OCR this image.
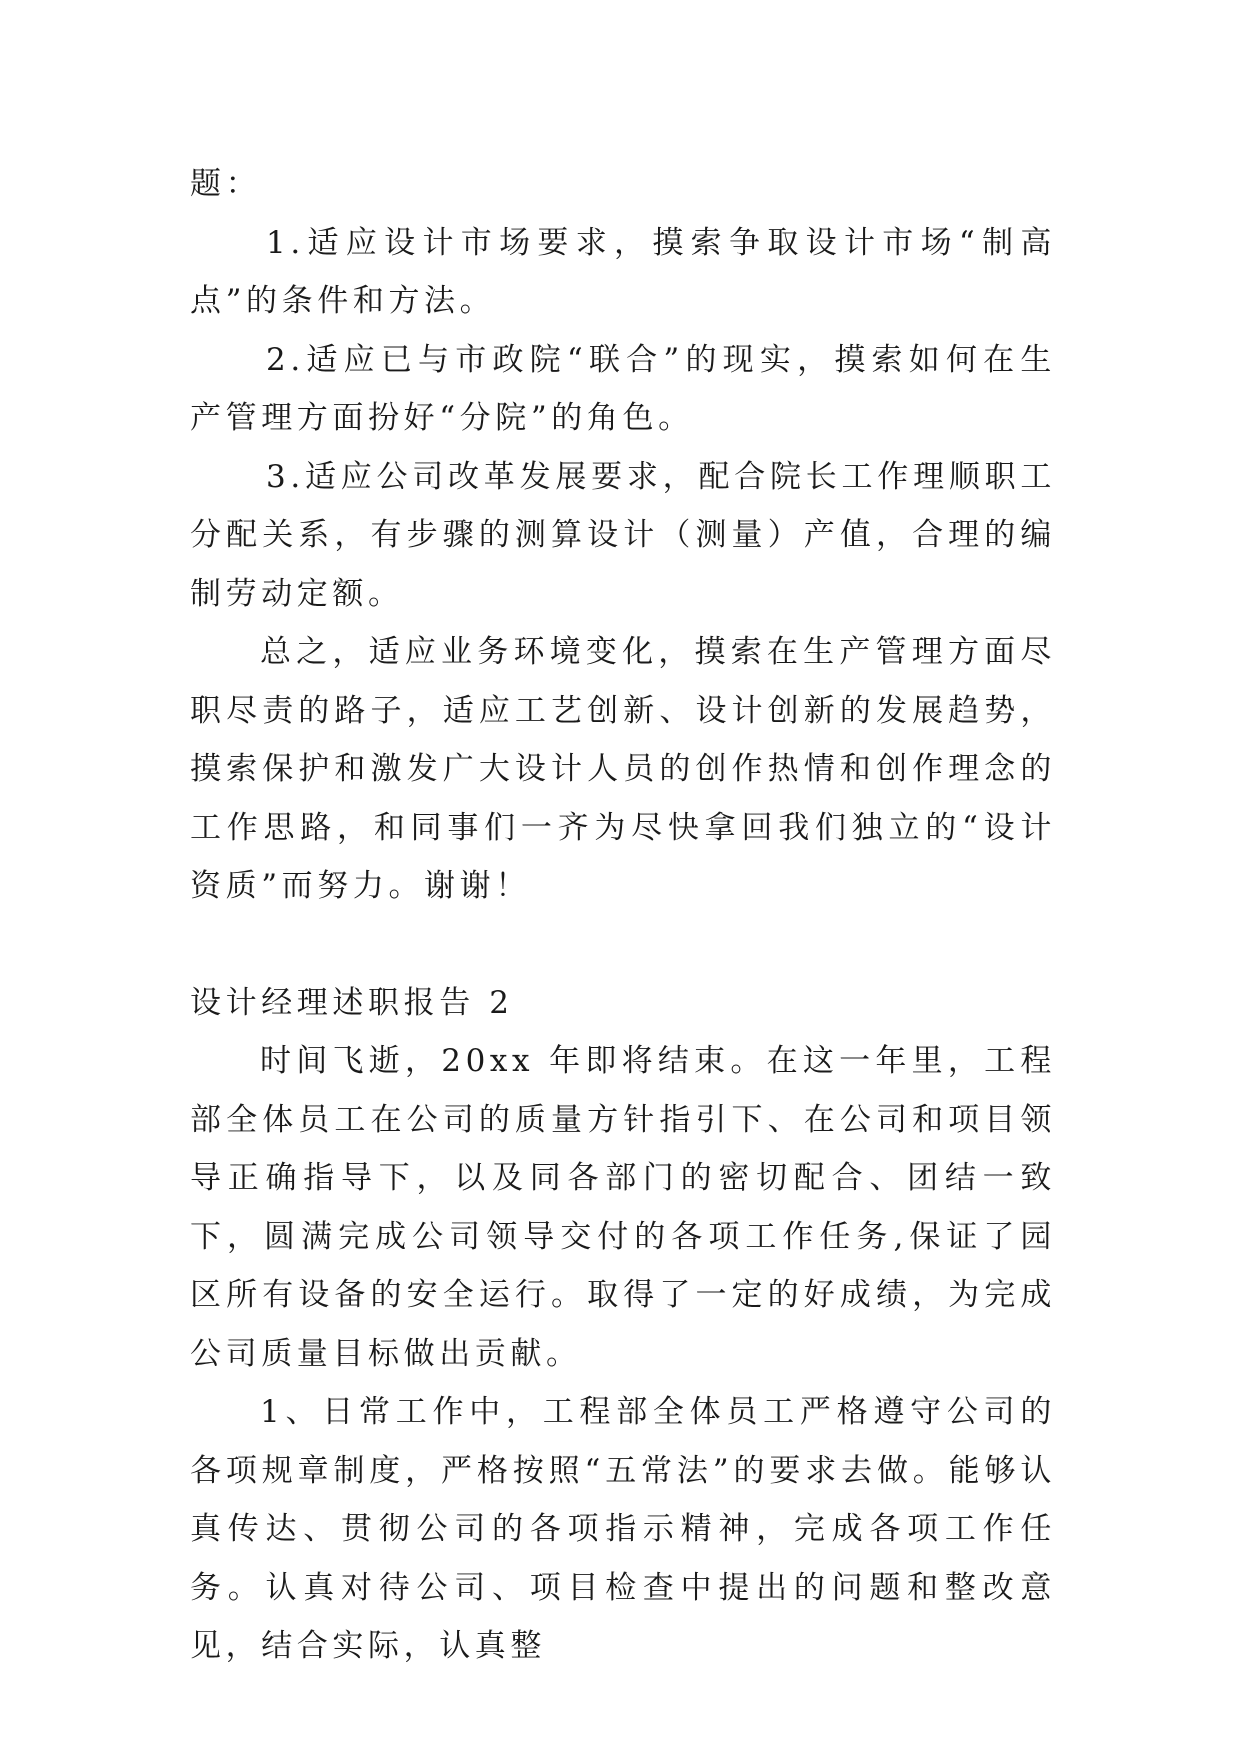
题：

1.适应设计市场要求，摸索争取设计市场“制高点”的条件和方法。

2.适应已与市政院“联合”的现实，摸索如何在生产管理方面扮好“分院”的角色。

3.适应公司改革发展要求，配合院长工作理顺职工分配关系，有步骤的测算设计（测量）产值，合理的编制劳动定额。

总之，适应业务环境变化，摸索在生产管理方面尽职尽责的路子，适应工艺创新、设计创新的发展趋势，摸索保护和激发广大设计人员的创作热情和创作理念的工作思路，和同事们一齐为尽快拿回我们独立的“设计资质”而努力。谢谢！

设计经理述职报告 2

时间飞逝，20xx 年即将结束。在这一年里，工程部全体员工在公司的质量方针指引下、在公司和项目领导正确指导下，以及同各部门的密切配合、团结一致下，圆满完成公司领导交付的各项工作任务,保证了园区所有设备的安全运行。取得了一定的好成绩，为完成公司质量目标做出贡献。

1、日常工作中，工程部全体员工严格遵守公司的各项规章制度，严格按照“五常法”的要求去做。能够认真传达、贯彻公司的各项指示精神，完成各项工作任务。认真对待公司、项目检查中提出的问题和整改意见，结合实际，认真整
